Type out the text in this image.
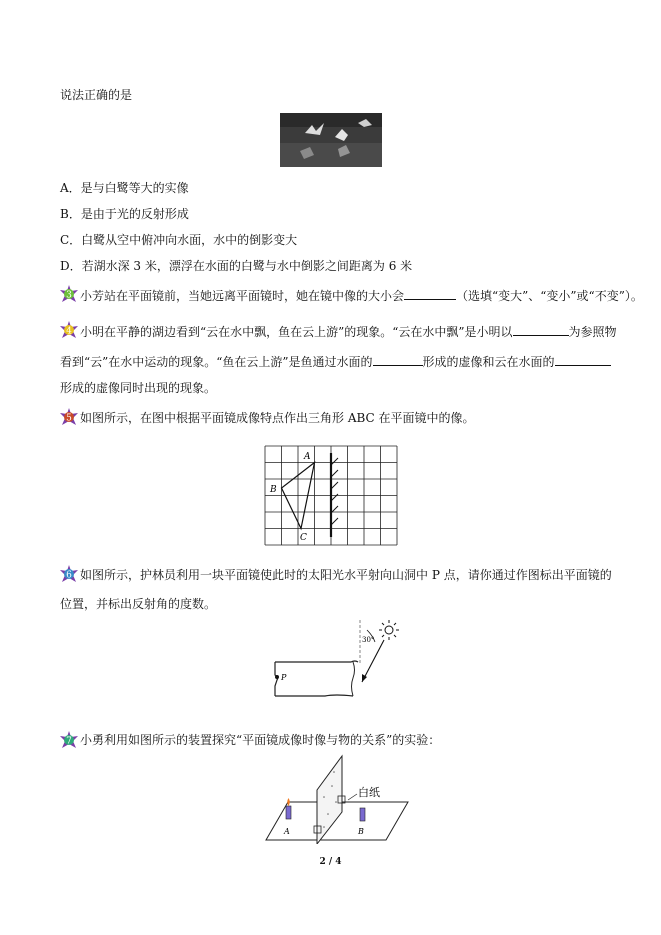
说法正确的是
A．是与白鹭等大的实像
B．是由于光的反射形成
C．白鹭从空中俯冲向水面，水中的倒影变大
D．若湖水深 3 米，漂浮在水面的白鹭与水中倒影之间距离为 6 米
3 小芳站在平面镜前，当她远离平面镜时，她在镜中像的大小会	（选填“变大”、“变小”或“不变”）。
4 小明在平静的湖边看到“云在水中飘，鱼在云上游”的现象。“云在水中飘”是小明以	为参照物
看到“云”在水中运动的现象。“鱼在云上游”是鱼通过水面的	形成的虚像和云在水面的
形成的虚像同时出现的现象。
5 如图所示，在图中根据平面镜成像特点作出三角形 ABC 在平面镜中的像。
A
B
C
6 如图所示，护林员利用一块平面镜使此时的太阳光水平射向山洞中 P 点，请你通过作图标出平面镜的
位置，并标出反射角的度数。
P
30°
7 小勇利用如图所示的装置探究“平面镜成像时像与物的关系”的实验：
白纸
A	B
2 / 4
